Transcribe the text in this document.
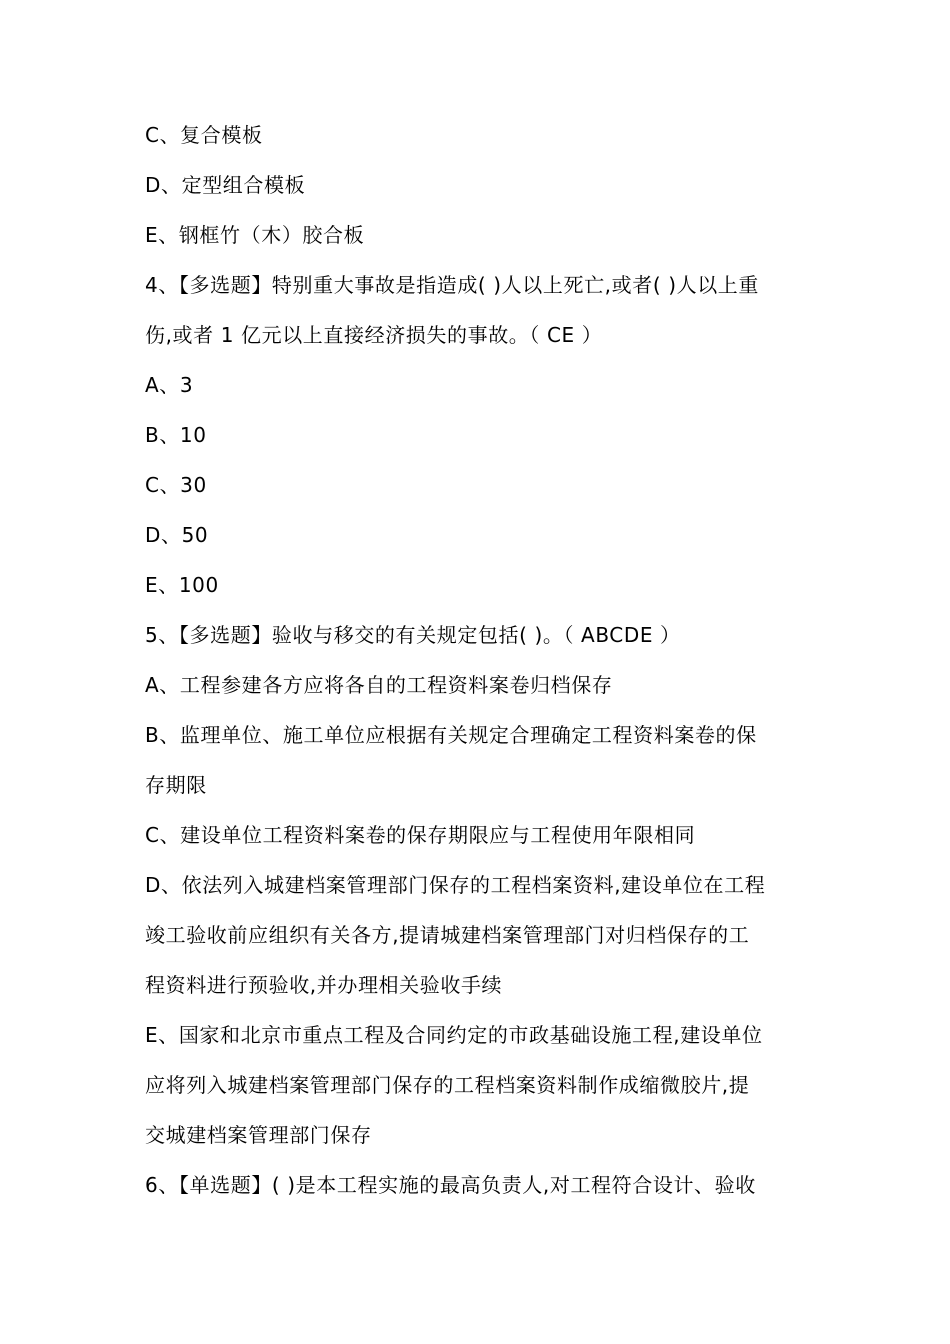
C、复合模板
D、定型组合模板
E、钢框竹（木）胶合板
4、【多选题】特别重大事故是指造成( )人以上死亡,或者( )人以上重
伤,或者 1 亿元以上直接经济损失的事故。（ CE ）
A、3
B、10
C、30
D、50
E、100
5、【多选题】验收与移交的有关规定包括( )。（ ABCDE ）
A、工程参建各方应将各自的工程资料案卷归档保存
B、监理单位、施工单位应根据有关规定合理确定工程资料案卷的保
存期限
C、建设单位工程资料案卷的保存期限应与工程使用年限相同
D、依法列入城建档案管理部门保存的工程档案资料,建设单位在工程
竣工验收前应组织有关各方,提请城建档案管理部门对归档保存的工
程资料进行预验收,并办理相关验收手续
E、国家和北京市重点工程及合同约定的市政基础设施工程,建设单位
应将列入城建档案管理部门保存的工程档案资料制作成缩微胶片,提
交城建档案管理部门保存
6、【单选题】( )是本工程实施的最高负责人,对工程符合设计、验收
